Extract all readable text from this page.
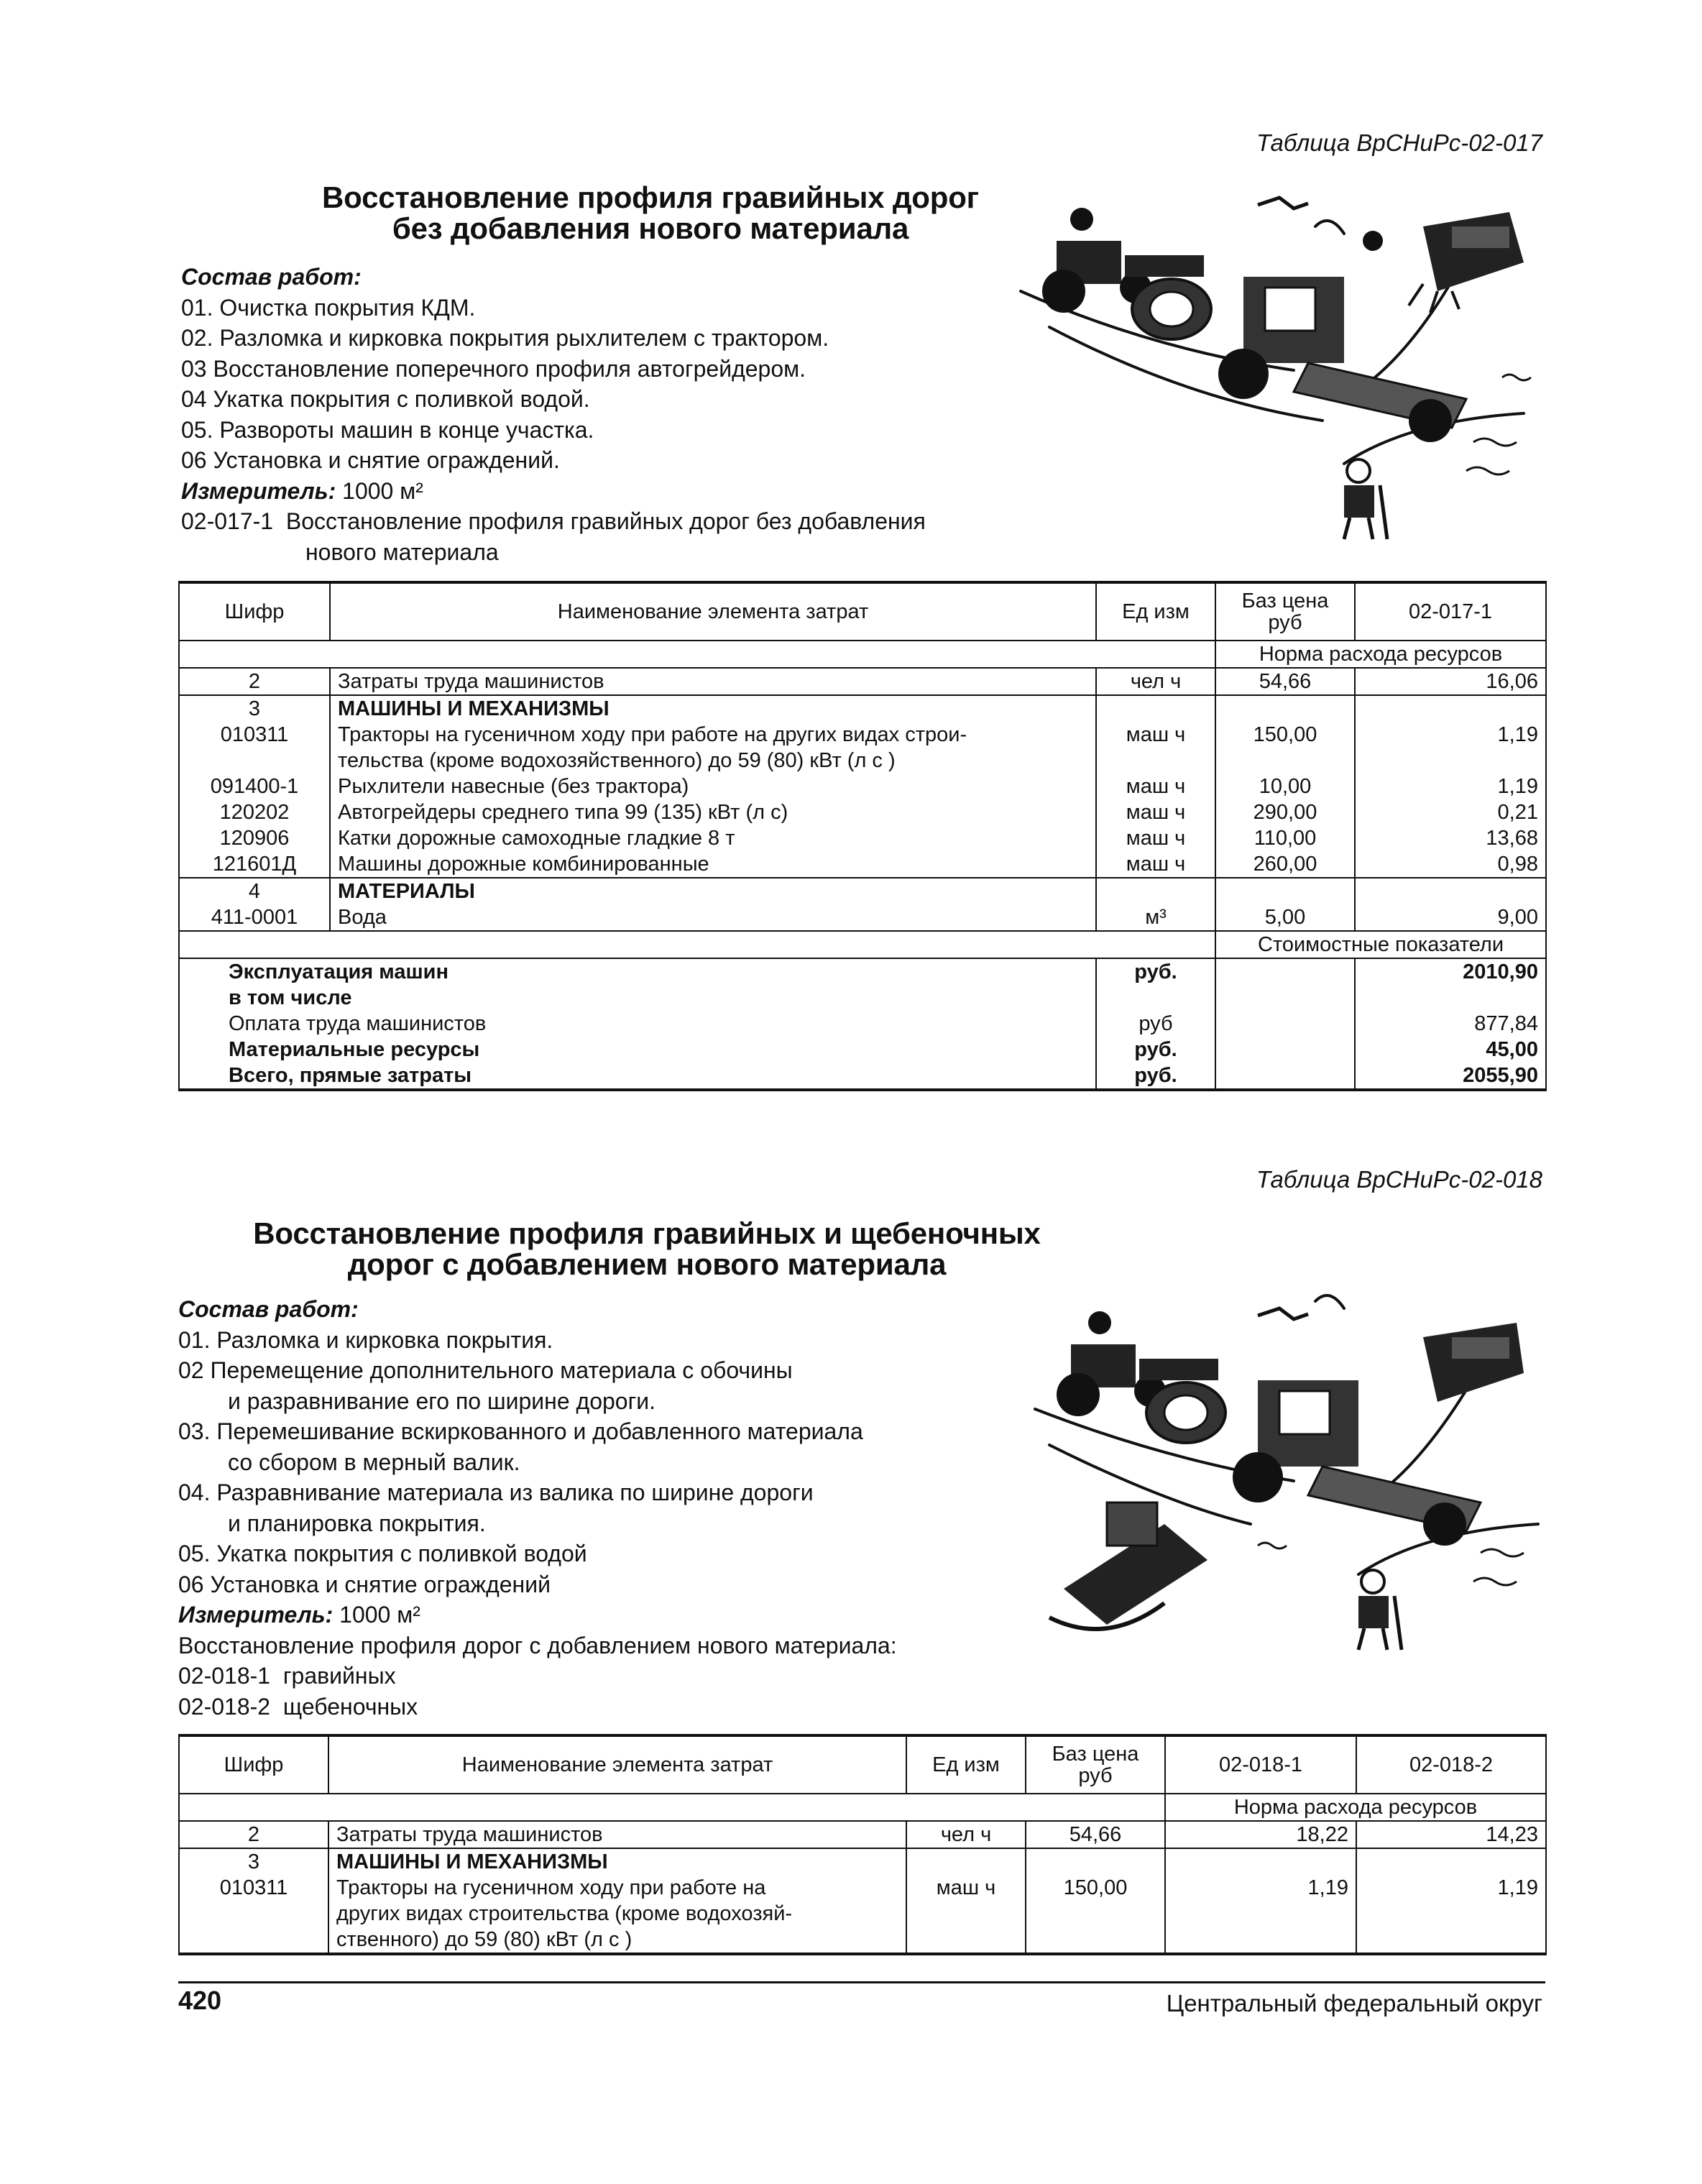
Таблица ВрСНиРс-02-017
Восстановление профиля гравийных дорог
без добавления нового материала
Состав работ:
01. Очистка покрытия КДМ.
02. Разломка и кирковка покрытия рыхлителем с трактором.
03 Восстановление поперечного профиля автогрейдером.
04 Укатка покрытия с поливкой водой.
05. Развороты машин в конце участка.
06 Установка и снятие ограждений.
Измеритель: 1000 м²
02-017-1 Восстановление профиля гравийных дорог без добавления
нового материала
Шифр	Наименование элемента затрат	Ед изм	Баз цена руб	02-017-1
			Норма расхода ресурсов	
2	Затраты труда машинистов	чел ч	54,66	16,06
3	МАШИНЫ И МЕХАНИЗМЫ			
010311	Тракторы на гусеничном ходу при работе на других видах строи-	маш ч	150,00	1,19
	тельства (кроме водохозяйственного) до 59 (80) кВт (л с )			
091400-1	Рыхлители навесные (без трактора)	маш ч	10,00	1,19
120202	Автогрейдеры среднего типа 99 (135) кВт (л с)	маш ч	290,00	0,21
120906	Катки дорожные самоходные гладкие 8 т	маш ч	110,00	13,68
121601Д	Машины дорожные комбинированные	маш ч	260,00	0,98
4	МАТЕРИАЛЫ			
411-0001	Вода	м³	5,00	9,00
			Стоимостные показатели	
Эксплуатация машин		руб.		2010,90
в том числе				
Оплата труда машинистов		руб		877,84
Материальные ресурсы		руб.		45,00
Всего, прямые затраты		руб.		2055,90
Таблица ВрСНиРс-02-018
Восстановление профиля гравийных и щебеночных
дорог с добавлением нового материала
Состав работ:
01. Разломка и кирковка покрытия.
02 Перемещение дополнительного материала с обочины
и разравнивание его по ширине дороги.
03. Перемешивание вскиркованного и добавленного материала
со сбором в мерный валик.
04. Разравнивание материала из валика по ширине дороги
и планировка покрытия.
05. Укатка покрытия с поливкой водой
06 Установка и снятие ограждений
Измеритель: 1000 м²
Восстановление профиля дорог с добавлением нового материала:
02-018-1 гравийных
02-018-2 щебеночных
Шифр	Наименование элемента затрат	Ед изм	Баз цена руб	02-018-1	02-018-2
				Норма расхода ресурсов	
2	Затраты труда машинистов	чел ч	54,66	18,22	14,23
3	МАШИНЫ И МЕХАНИЗМЫ				
010311	Тракторы на гусеничном ходу при работе на	маш ч	150,00	1,19	1,19
	других видах строительства (кроме водохозяй-				
	ственного) до 59 (80) кВт (л с )				
420	Центральный федеральный округ
